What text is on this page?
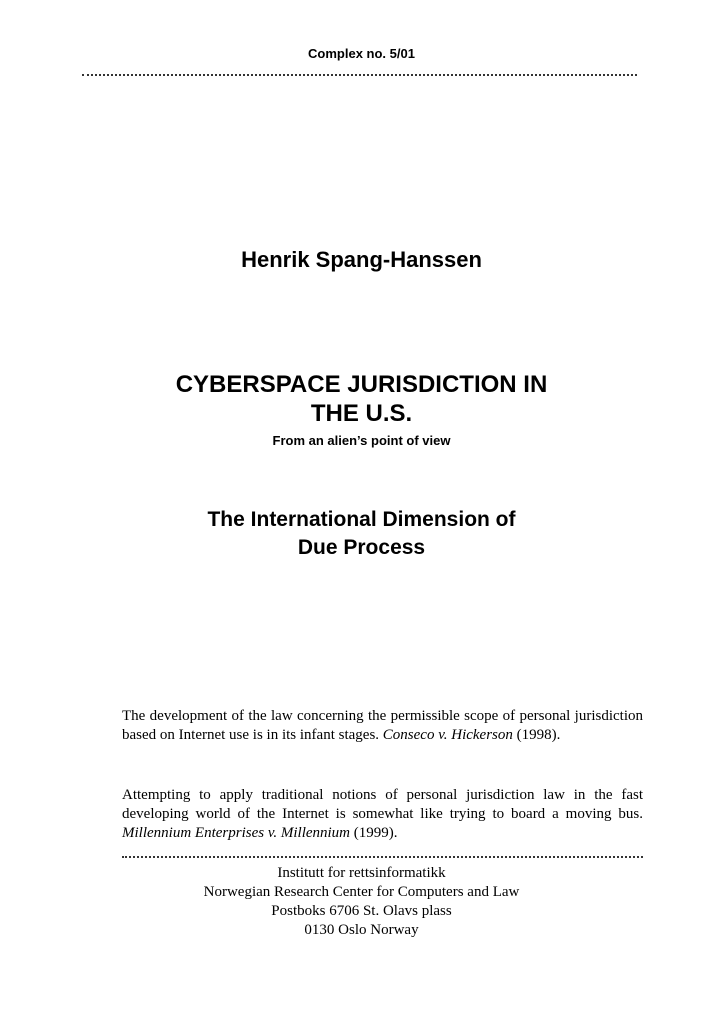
Complex no. 5/01
Henrik Spang-Hanssen
CYBERSPACE JURISDICTION IN
THE U.S.
From an alien’s point of view
The International Dimension of
Due Process

The development of the law concerning the permissible scope of personal jurisdiction based on Internet use is in its infant stages. Conseco v. Hickerson (1998).

Attempting to apply traditional notions of personal jurisdiction law in the fast developing world of the Internet is somewhat like trying to board a moving bus. Millennium Enterprises v. Millennium (1999).

Institutt for rettsinformatikk
Norwegian Research Center for Computers and Law
Postboks 6706 St. Olavs plass
0130 Oslo Norway
